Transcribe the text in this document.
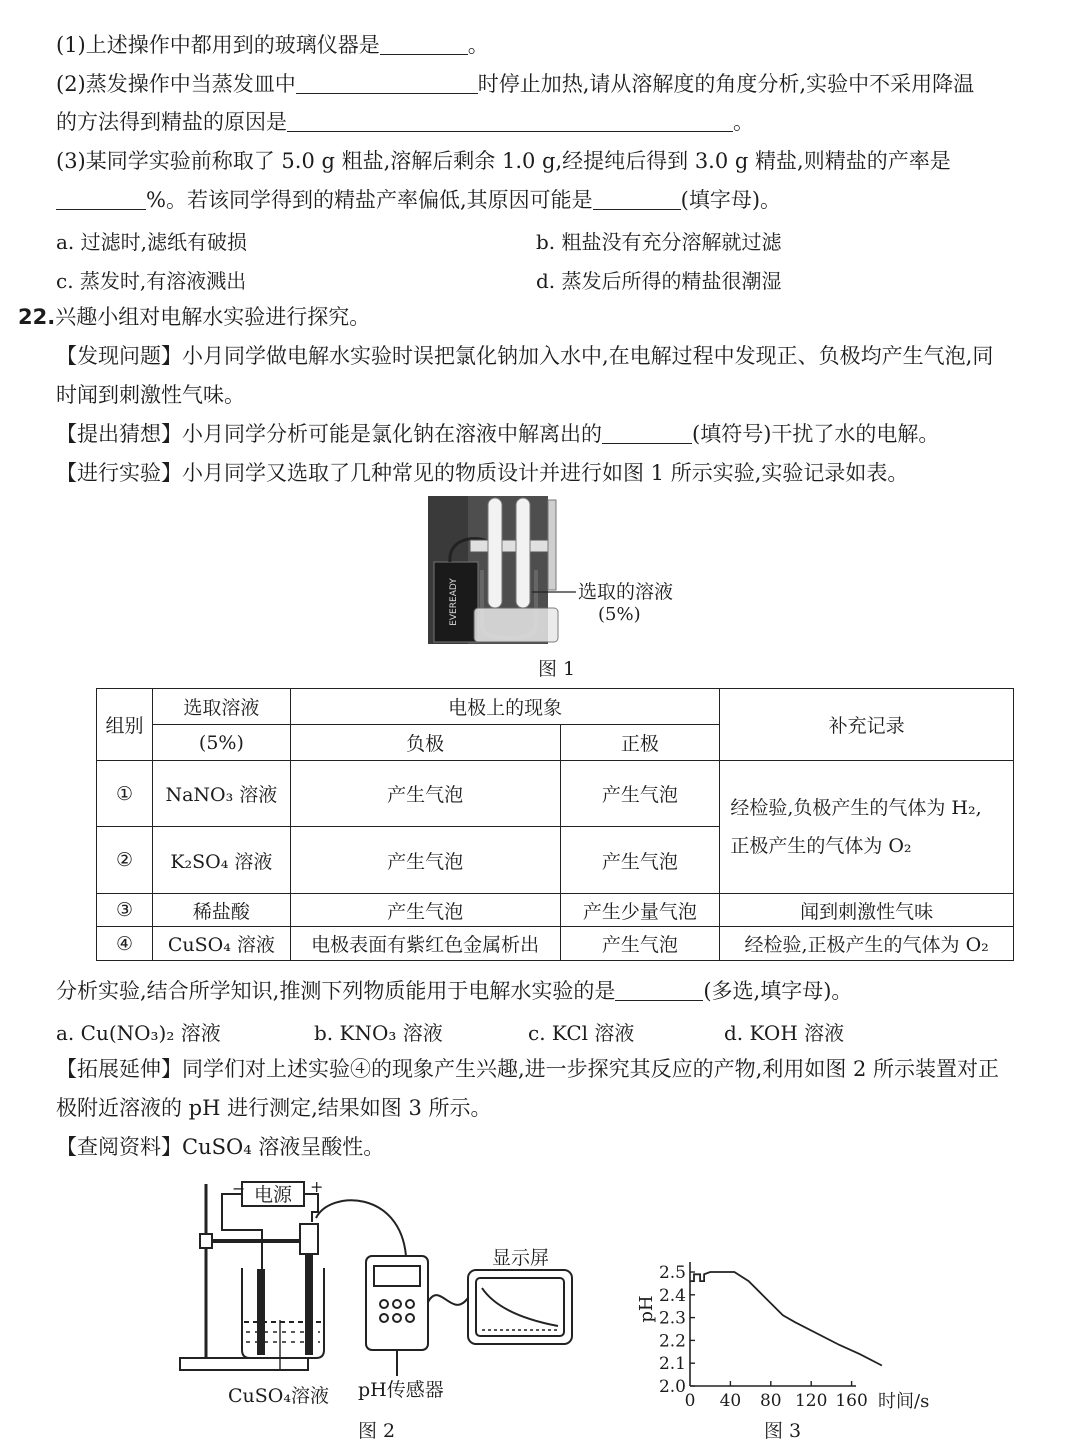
(1)上述操作中都用到的玻璃仪器是	。
(2)蒸发操作中当蒸发皿中	时停止加热,请从溶解度的角度分析,实验中不采用降温
的方法得到精盐的原因是	。
(3)某同学实验前称取了 5.0 g 粗盐,溶解后剩余 1.0 g,经提纯后得到 3.0 g 精盐,则精盐的产率是
%。若该同学得到的精盐产率偏低,其原因可能是	(填字母)。
a. 过滤时,滤纸有破损	b. 粗盐没有充分溶解就过滤
c. 蒸发时,有溶液溅出	d. 蒸发后所得的精盐很潮湿
22.兴趣小组对电解水实验进行探究。
【发现问题】小月同学做电解水实验时误把氯化钠加入水中,在电解过程中发现正、负极均产生气泡,同
时闻到刺激性气味。
【提出猜想】小月同学分析可能是氯化钠在溶液中解离出的	(填符号)干扰了水的电解。
【进行实验】小月同学又选取了几种常见的物质设计并进行如图 1 所示实验,实验记录如表。
EVEREADY	选取的溶液
(5%)
图 1
组别	选取溶液	电极上的现象		补充记录
	(5%)	负极	正极	
①	NaNO₃ 溶液	产生气泡	产生气泡	经检验,负极产生的气体为 H₂,
正极产生的气体为 O₂

②	K₂SO₄ 溶液	产生气泡	产生气泡	
③	稀盐酸	产生气泡	产生少量气泡	闻到刺激性气味
④	CuSO₄ 溶液	电极表面有紫红色金属析出	产生气泡	经检验,正极产生的气体为 O₂
分析实验,结合所学知识,推测下列物质能用于电解水实验的是	(多选,填字母)。
a. Cu(NO₃)₂ 溶液	b. KNO₃ 溶液	c. KCl 溶液	d. KOH 溶液
【拓展延伸】同学们对上述实验④的现象产生兴趣,进一步探究其反应的产物,利用如图 2 所示装置对正
极附近溶液的 pH 进行测定,结果如图 3 所示。
【查阅资料】CuSO₄ 溶液呈酸性。
电源
−	+
CuSO₄溶液 pH传感器
显示屏
图 2
2.0
2.1
2.2
2.3
2.4
2.5
0 40 80 120 160 时间/s
pH
图 3
